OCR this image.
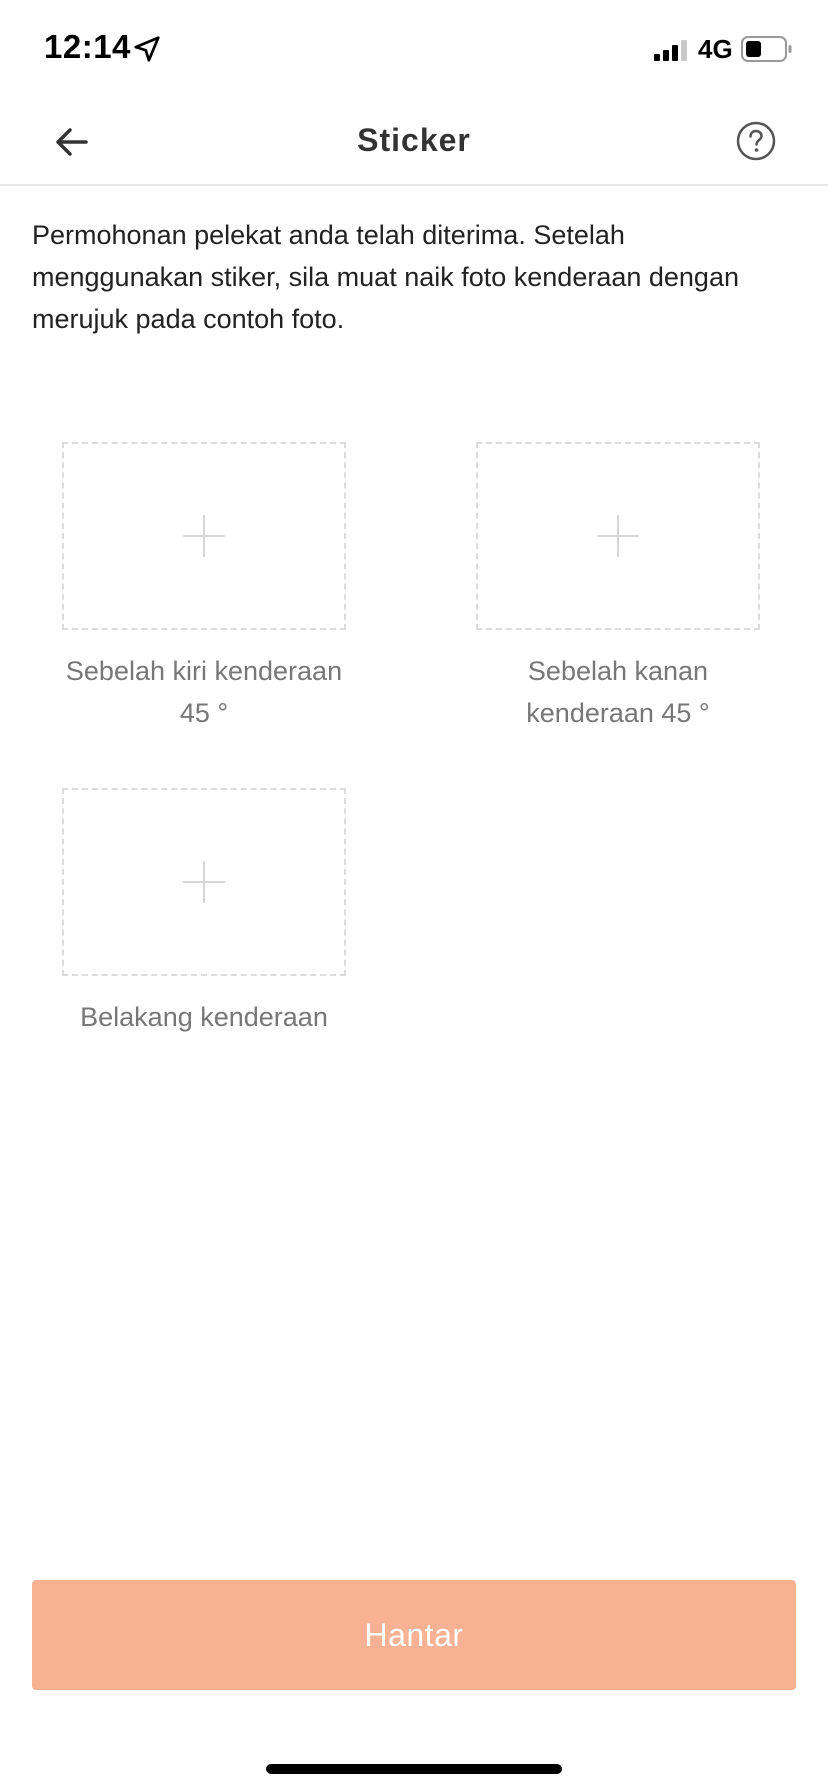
12:14	4G
Sticker
Permohonan pelekat anda telah diterima. Setelah menggunakan stiker, sila muat naik foto kenderaan dengan merujuk pada contoh foto.
Sebelah kiri kenderaan 45 °
Sebelah kanan kenderaan 45 °
Belakang kenderaan
Hantar
